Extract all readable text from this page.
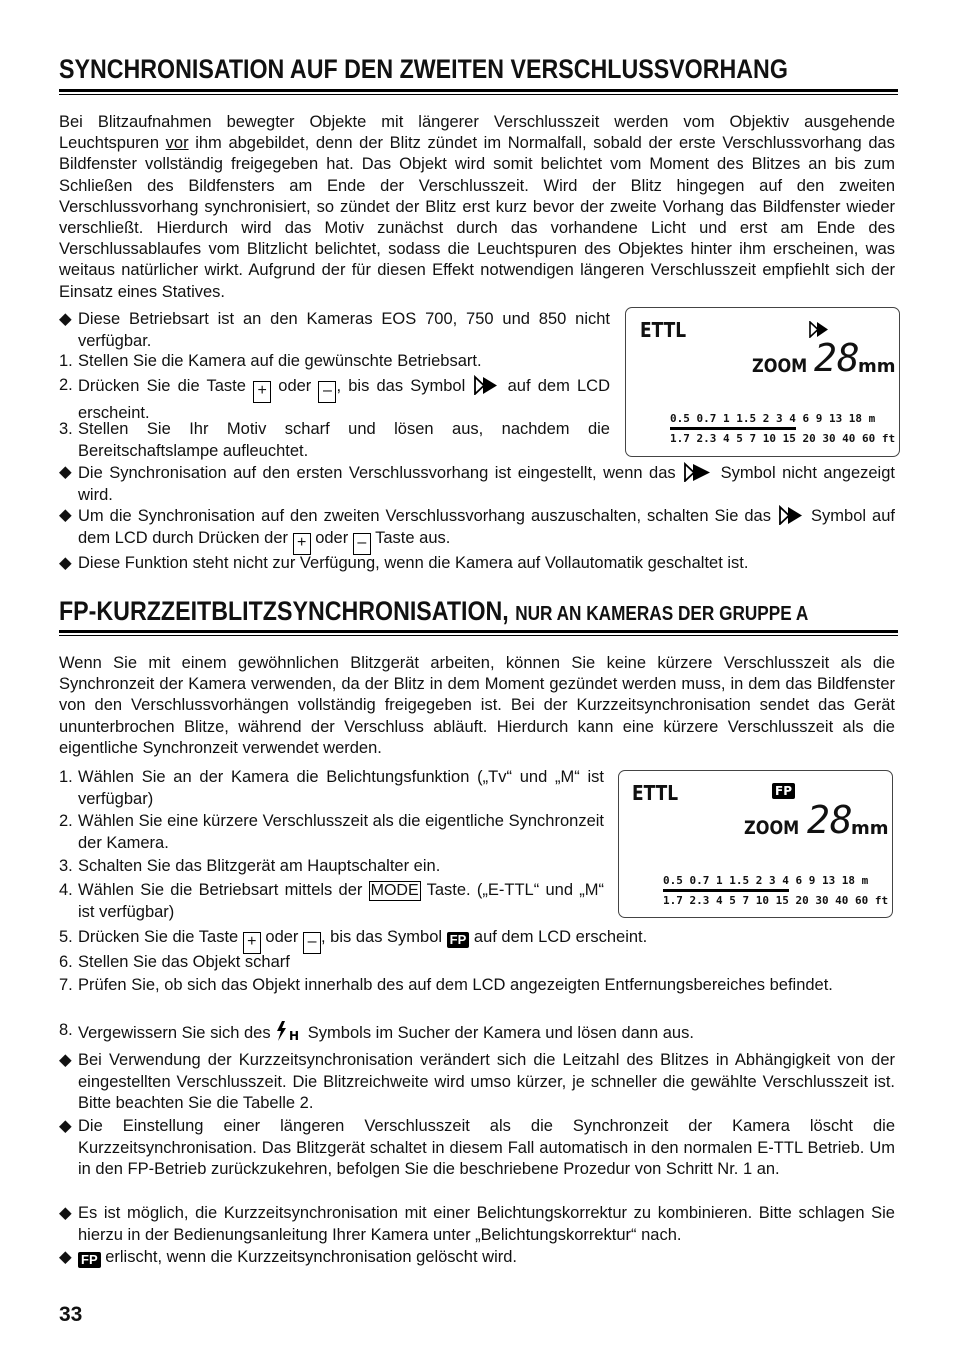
SYNCHRONISATION AUF DEN ZWEITEN VERSCHLUSSVORHANG
Bei Blitzaufnahmen bewegter Objekte mit längerer Verschlusszeit werden vom Objektiv ausgehende Leuchtspuren vor ihm abgebildet, denn der Blitz zündet im Normalfall, sobald der erste Verschlussvorhang das Bildfenster vollständig freigegeben hat. Das Objekt wird somit belichtet vom Moment des Blitzes an bis zum Schließen des Bildfensters am Ende der Verschlusszeit. Wird der Blitz hingegen auf den zweiten Verschlussvorhang synchronisiert, so zündet der Blitz erst kurz bevor der zweite Vorhang das Bildfenster wieder verschließt. Hierdurch wird das Motiv zunächst durch das vorhandene Licht und erst am Ende des Verschlussablaufes vom Blitzlicht belichtet, sodass die Leuchtspuren des Objektes hinter ihm erscheinen, was weitaus natürlicher wirkt. Aufgrund der für diesen Effekt notwendigen längeren Verschlusszeit empfiehlt sich der Einsatz eines Statives.
ETTL
ZOOM 28
mm
0.5 0.7 1 1.5 2 3 4 6 9 13 18 m
1.7 2.3 4 5 7 10 15 20 30 40 60 ft
◆ Diese Betriebsart ist an den Kameras EOS 700, 750 und 850 nicht verfügbar.
1. Stellen Sie die Kamera auf die gewünschte Betriebsart.
2. Drücken Sie die Taste + oder – , bis das Symbol	auf dem LCD erscheint.
3. Stellen Sie Ihr Motiv scharf und lösen aus, nachdem die Bereitschaftslampe aufleuchtet.
◆ Die Synchronisation auf den ersten Verschlussvorhang ist eingestellt, wenn das	Symbol nicht angezeigt wird.
◆ Um die Synchronisation auf den zweiten Verschlussvorhang auszuschalten, schalten Sie das Symbol auf dem LCD durch Drücken der + oder – Taste aus.
◆ Diese Funktion steht nicht zur Verfügung, wenn die Kamera auf Vollautomatik geschaltet ist.
FP-KURZZEITBLITZSYNCHRONISATION, NUR AN KAMERAS DER GRUPPE A
Wenn Sie mit einem gewöhnlichen Blitzgerät arbeiten, können Sie keine kürzere Verschlusszeit als die Synchronzeit der Kamera verwenden, da der Blitz in dem Moment gezündet werden muss, in dem das Bildfenster von den Verschlussvorhängen vollständig freigegeben ist. Bei der Kurzzeitsynchronisation sendet das Gerät ununterbrochen Blitze, während der Verschluss abläuft. Hierdurch kann eine kürzere Verschlusszeit als die eigentliche Synchronzeit verwendet werden.
ETTL	FP
ZOOM 28
mm
0.5 0.7 1 1.5 2 3 4 6 9 13 18 m
1.7 2.3 4 5 7 10 15 20 30 40 60 ft
1. Wählen Sie an der Kamera die Belichtungsfunktion („Tv“ und „M“ ist verfügbar)
2. Wählen Sie eine kürzere Verschlusszeit als die eigentliche Synchronzeit der Kamera.
3. Schalten Sie das Blitzgerät am Hauptschalter ein.
4. Wählen Sie die Betriebsart mittels der MODE Taste. („E-TTL“ und „M“ ist verfügbar)
5. Drücken Sie die Taste + oder – , bis das Symbol FP auf dem LCD erscheint.
6. Stellen Sie das Objekt scharf
7. Prüfen Sie, ob sich das Objekt innerhalb des auf dem LCD angezeigten Entfernungsbereiches befindet.
8. Vergewissern Sie sich des H Symbols im Sucher der Kamera und lösen dann aus.
◆ Bei Verwendung der Kurzzeitsynchronisation verändert sich die Leitzahl des Blitzes in Abhängigkeit von der eingestellten Verschlusszeit. Die Blitzreichweite wird umso kürzer, je schneller die gewählte Verschlusszeit ist. Bitte beachten Sie die Tabelle 2.
◆ Die Einstellung einer längeren Verschlusszeit als die Synchronzeit der Kamera löscht die Kurzzeitsynchronisation. Das Blitzgerät schaltet in diesem Fall automatisch in den normalen E-TTL Betrieb. Um in den FP-Betrieb zurückzukehren, befolgen Sie die beschriebene Prozedur von Schritt Nr. 1 an.
◆ Es ist möglich, die Kurzzeitsynchronisation mit einer Belichtungskorrektur zu kombinieren. Bitte schlagen Sie hierzu in der Bedienungsanleitung Ihrer Kamera unter „Belichtungskorrektur“ nach.
◆ FP erlischt, wenn die Kurzzeitsynchronisation gelöscht wird.
33
